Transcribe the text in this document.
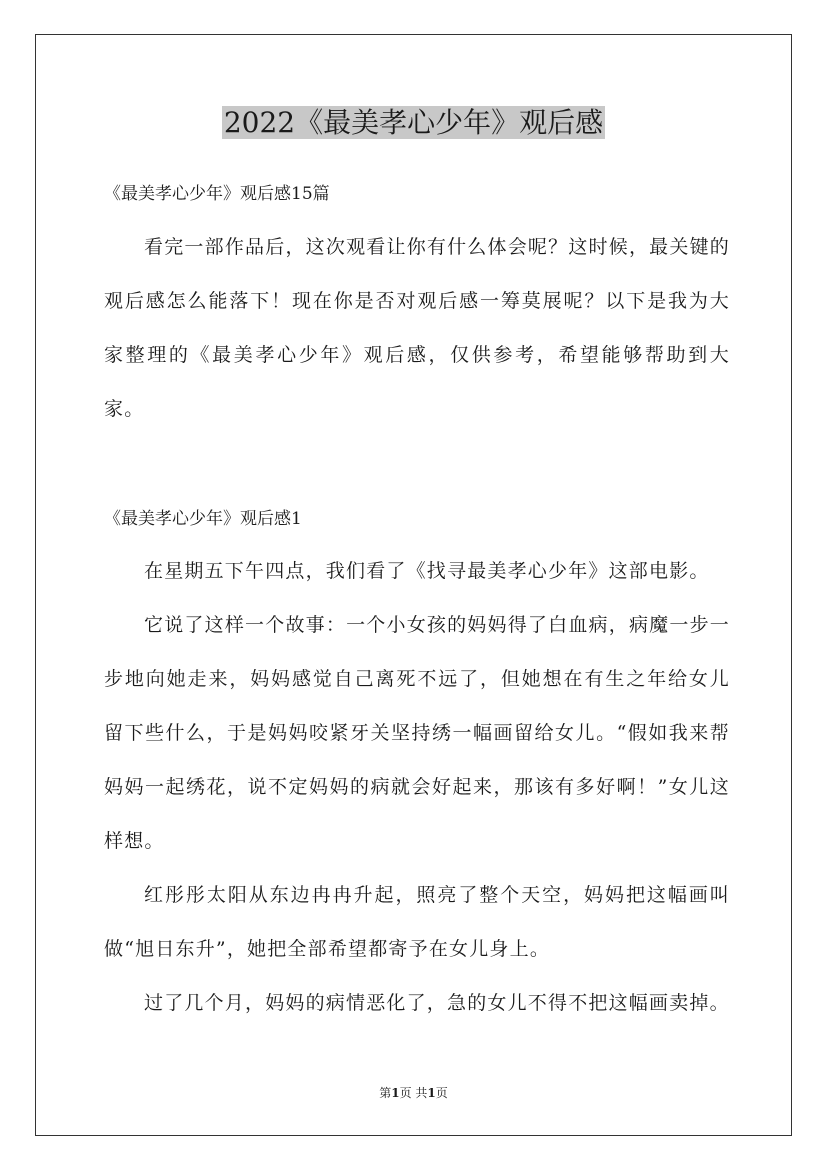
2022《最美孝心少年》观后感
《最美孝心少年》观后感15篇

看完一部作品后，这次观看让你有什么体会呢？这时候，最关键的观后感怎么能落下！现在你是否对观后感一筹莫展呢？以下是我为大家整理的《最美孝心少年》观后感，仅供参考，希望能够帮助到大家。

《最美孝心少年》观后感1

在星期五下午四点，我们看了《找寻最美孝心少年》这部电影。

它说了这样一个故事：一个小女孩的妈妈得了白血病，病魔一步一步地向她走来，妈妈感觉自己离死不远了，但她想在有生之年给女儿留下些什么，于是妈妈咬紧牙关坚持绣一幅画留给女儿。“假如我来帮妈妈一起绣花，说不定妈妈的病就会好起来，那该有多好啊！”女儿这样想。

红彤彤太阳从东边冉冉升起，照亮了整个天空，妈妈把这幅画叫做“旭日东升”，她把全部希望都寄予在女儿身上。

过了几个月，妈妈的病情恶化了，急的女儿不得不把这幅画卖掉。

第1页 共1页
